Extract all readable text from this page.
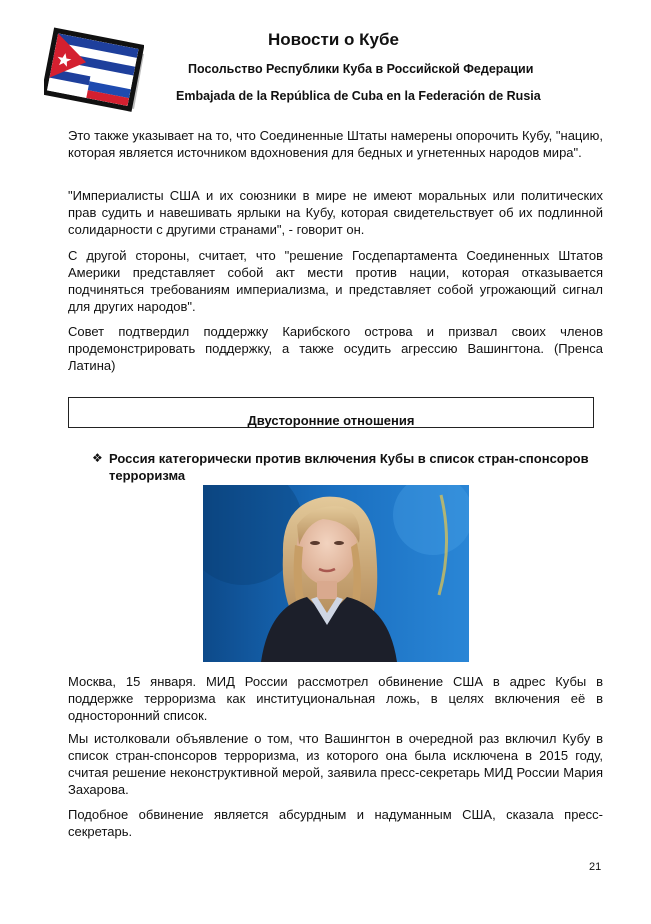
Новости о Кубе

Посольство Республики Куба в Российской Федерации

Embajada de la República de Cuba en la Federación de Rusia

Это также указывает на то, что Соединенные Штаты намерены опорочить Кубу, "нацию, которая является источником вдохновения для бедных и угнетенных народов мира".

"Империалисты США и их союзники в мире не имеют моральных или политических прав судить и навешивать ярлыки на Кубу, которая свидетельствует об их подлинной солидарности с другими странами", - говорит он.

С другой стороны, считает, что "решение Госдепартамента Соединенных Штатов Америки представляет собой акт мести против нации, которая отказывается подчиняться требованиям империализма, и представляет собой угрожающий сигнал для других народов".

Совет подтвердил поддержку Карибского острова и призвал своих членов продемонстрировать поддержку, а также осудить агрессию Вашингтона. (Пренса Латина)

Двусторонние отношения
❖ Россия категорически против включения Кубы в список стран-спонсоров терроризма

Москва, 15 января. МИД России рассмотрел обвинение США в адрес Кубы в поддержке терроризма как институциональная ложь, в целях включения её в односторонний список.

Мы истолковали объявление о том, что Вашингтон в очередной раз включил Кубу в список стран-спонсоров терроризма, из которого она была исключена в 2015 году, считая решение неконструктивной мерой, заявила пресс-секретарь МИД России Мария Захарова.

Подобное обвинение является абсурдным и надуманным США, сказала пресс-секретарь.

21
